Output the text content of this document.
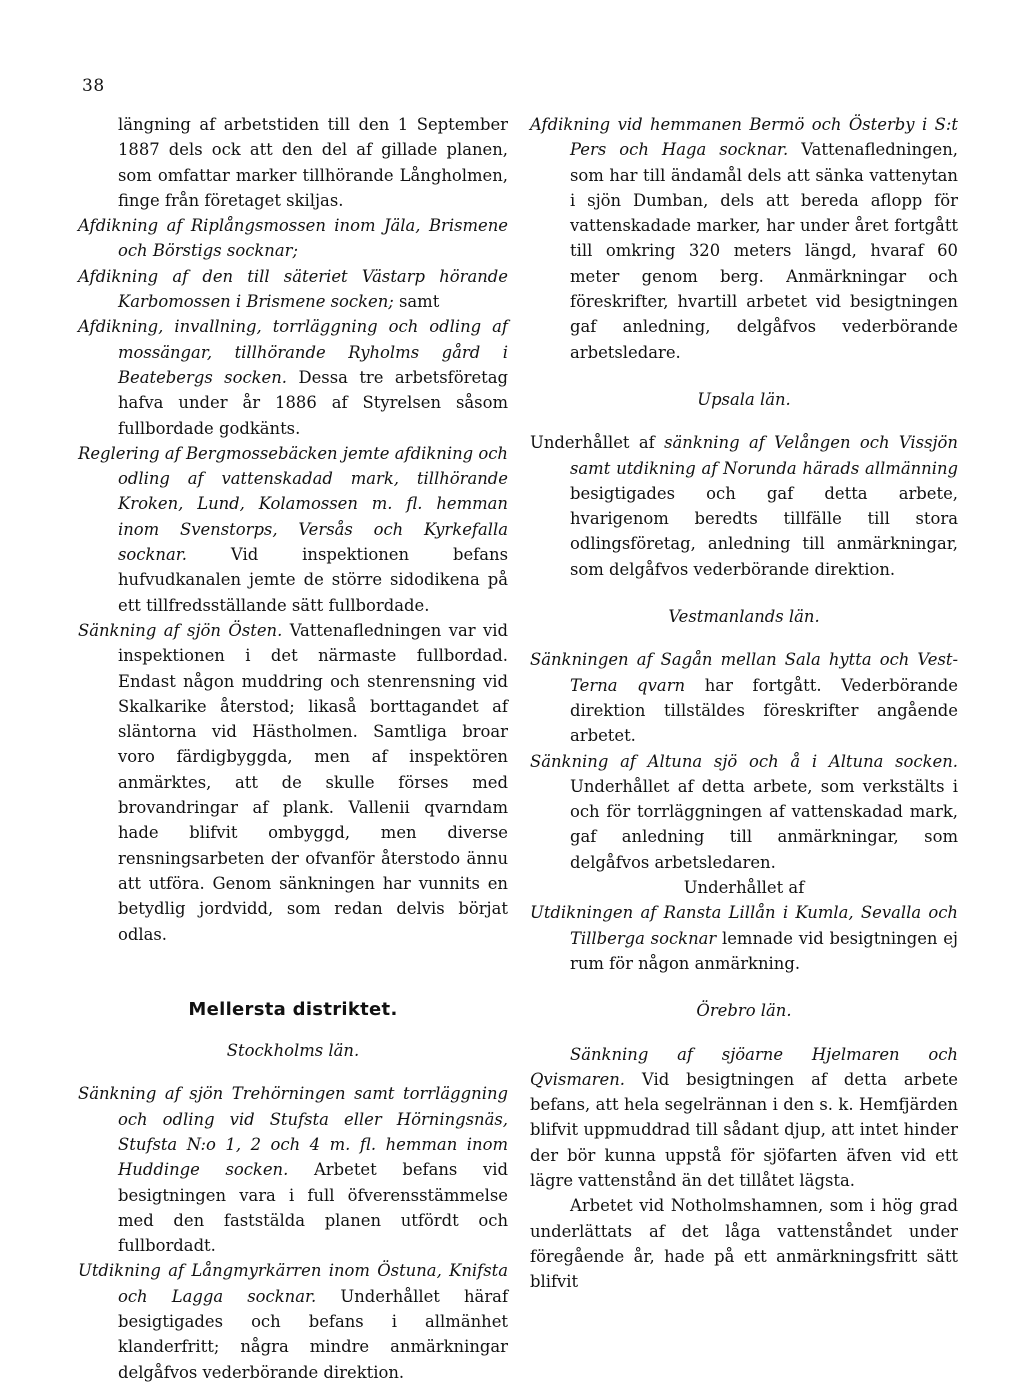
38

längning af arbetstiden till den 1 September 1887 dels ock att den del af gillade planen, som omfattar marker tillhörande Långholmen, finge från företaget skiljas.

Afdikning af Riplångsmossen inom Jäla, Brismene och Börstigs socknar;

Afdikning af den till säteriet Västarp hörande Karbomossen i Brismene socken; samt

Afdikning, invallning, torrläggning och odling af mossängar, tillhörande Ryholms gård i Beatebergs socken. Dessa tre arbetsföretag hafva under år 1886 af Styrelsen såsom fullbordade godkänts.

Reglering af Bergmossebäcken jemte afdikning och odling af vattenskadad mark, tillhörande Kroken, Lund, Kolamossen m. fl. hemman inom Svenstorps, Versås och Kyrkefalla socknar. Vid inspektionen befans hufvudkanalen jemte de större sidodikena på ett tillfredsställande sätt fullbordade.

Sänkning af sjön Östen. Vattenafledningen var vid inspektionen i det närmaste fullbordad. Endast någon muddring och stenrensning vid Skalkarike återstod; likaså borttagandet af släntorna vid Hästholmen. Samtliga broar voro färdigbyggda, men af inspektören anmärktes, att de skulle förses med brovandringar af plank. Vallenii qvarndam hade blifvit ombyggd, men diverse rensningsarbeten der ofvanför återstodo ännu att utföra. Genom sänkningen har vunnits en betydlig jordvidd, som redan delvis börjat odlas.

Mellersta distriktet.

Stockholms län.

Sänkning af sjön Trehörningen samt torrläggning och odling vid Stufsta eller Hörningsnäs, Stufsta N:o 1, 2 och 4 m. fl. hemman inom Huddinge socken. Arbetet befans vid besigtningen vara i full öfverensstämmelse med den faststälda planen utfördt och fullbordadt.

Utdikning af Långmyrkärren inom Östuna, Knifsta och Lagga socknar. Underhållet häraf besigtigades och befans i allmänhet klanderfritt; några mindre anmärkningar delgåfvos vederbörande direktion.

Afdikning vid hemmanen Bermö och Österby i S:t Pers och Haga socknar. Vattenafledningen, som har till ändamål dels att sänka vattenytan i sjön Dumban, dels att bereda aflopp för vattenskadade marker, har under året fortgått till omkring 320 meters längd, hvaraf 60 meter genom berg. Anmärkningar och föreskrifter, hvartill arbetet vid besigtningen gaf anledning, delgåfvos vederbörande arbetsledare.

Upsala län.

Underhållet af sänkning af Velången och Vissjön samt utdikning af Norunda härads allmänning besigtigades och gaf detta arbete, hvarigenom beredts tillfälle till stora odlingsföretag, anledning till anmärkningar, som delgåfvos vederbörande direktion.

Vestmanlands län.

Sänkningen af Sagån mellan Sala hytta och Vest-Terna qvarn har fortgått. Vederbörande direktion tillstäldes föreskrifter angående arbetet.

Sänkning af Altuna sjö och å i Altuna socken. Underhållet af detta arbete, som verkstälts i och för torrläggningen af vattenskadad mark, gaf anledning till anmärkningar, som delgåfvos arbetsledaren.

Underhållet af

Utdikningen af Ransta Lillån i Kumla, Sevalla och Tillberga socknar lemnade vid besigtningen ej rum för någon anmärkning.

Örebro län.

Sänkning af sjöarne Hjelmaren och Qvismaren. Vid besigtningen af detta arbete befans, att hela segelrännan i den s. k. Hemfjärden blifvit uppmuddrad till sådant djup, att intet hinder der bör kunna uppstå för sjöfarten äfven vid ett lägre vattenstånd än det tillåtet lägsta.

Arbetet vid Notholmshamnen, som i hög grad underlättats af det låga vattenståndet under föregående år, hade på ett anmärkningsfritt sätt blifvit
